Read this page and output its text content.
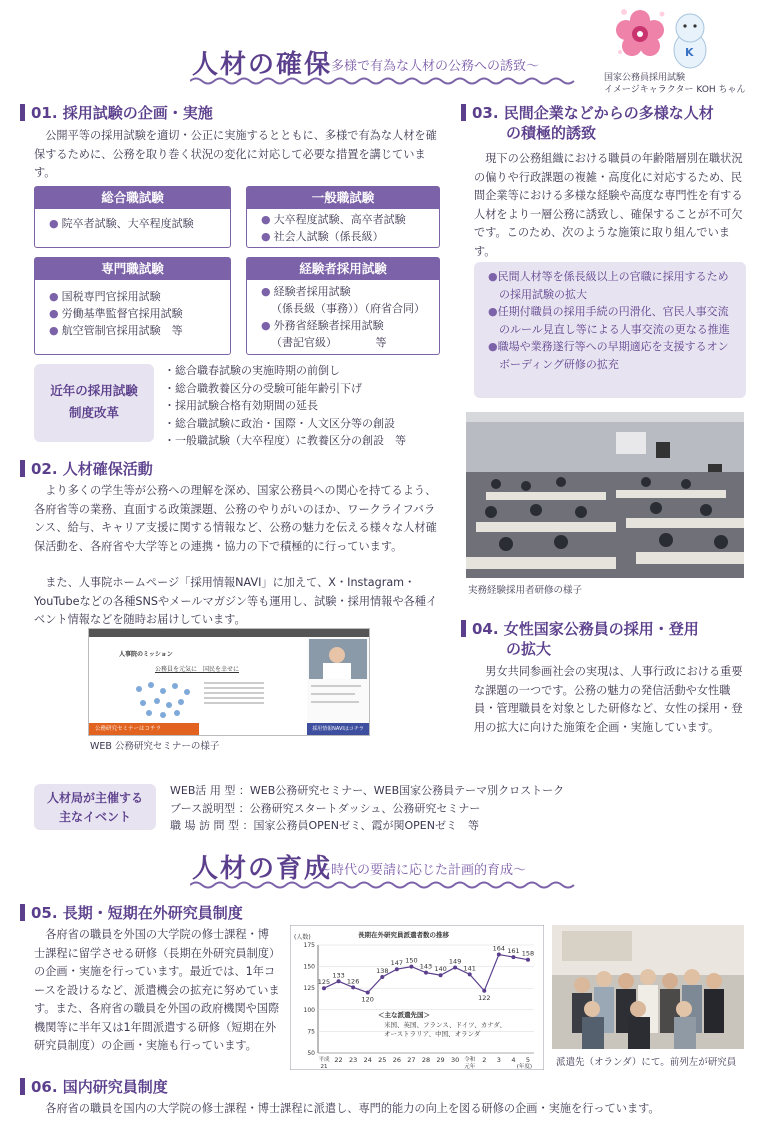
人材の確保
〜多様で有為な人材の公務への誘致〜
K
国家公務員採用試験
イメージキャラクター KOH ちゃん
01. 採用試験の企画・実施

公開平等の採用試験を適切・公正に実施するとともに、多様で有為な人材を確保するために、公務を取り巻く状況の変化に対応して必要な措置を講じています。

総合職試験
● 院卒者試験、大卒程度試験
一般職試験
● 大卒程度試験、高卒者試験
● 社会人試験（係長級）
専門職試験
● 国税専門官採用試験
● 労働基準監督官採用試験
● 航空管制官採用試験　等
経験者採用試験
● 経験者採用試験
（係長級（事務））（府省合同）
● 外務省経験者採用試験
（書記官級）　　　　等
近年の採用試験
制度改革
・総合職春試験の実施時期の前倒し
・総合職教養区分の受験可能年齢引下げ
・採用試験合格有効期間の延長
・総合職試験に政治・国際・人文区分等の創設
・一般職試験（大卒程度）に教養区分の創設　等
02. 人材確保活動

より多くの学生等が公務への理解を深め、国家公務員への関心を持てるよう、各府省等の業務、直面する政策課題、公務のやりがいのほか、ワークライフバランス、給与、キャリア支援に関する情報など、公務の魅力を伝える様々な人材確保活動を、各府省や大学等との連携・協力の下で積極的に行っています。

また、人事院ホームページ「採用情報NAVI」に加えて、X・Instagram・YouTubeなどの各種SNSやメールマガジン等も運用し、試験・採用情報や各種イベント情報などを随時お届けしています。

人事院のミッション
公務員を元気に　国民を幸せに
公務研究セミナーはコチラ	採用情報NAVIはコチラ
WEB 公務研究セミナーの様子
人材局が主催する
主なイベント
WEB活 用 型 ：WEB公務研究セミナー、WEB国家公務員テーマ別クロストーク
ブース説明型 ：公務研究スタートダッシュ、公務研究セミナー
職 場 訪 問 型 ：国家公務員OPENゼミ、霞が関OPENゼミ　等
03. 民間企業などからの多様な人材
の積極的誘致

現下の公務組織における職員の年齢階層別在職状況の偏りや行政課題の複雑・高度化に対応するため、民間企業等における多様な経験や高度な専門性を有する人材をより一層公務に誘致し、確保することが不可欠です。このため、次のような施策に取り組んでいます。

●民間人材等を係長級以上の官職に採用するための採用試験の拡大
●任期付職員の採用手続の円滑化、官民人事交流のルール見直し等による人事交流の更なる推進
●職場や業務遂行等への早期適応を支援するオンボーディング研修の拡充
実務経験採用者研修の様子
04. 女性国家公務員の採用・登用
の拡大

男女共同参画社会の実現は、人事行政における重要な課題の一つです。公務の魅力の発信活動や女性職員・管理職員を対象とした研修など、女性の採用・登用の拡大に向けた施策を企画・実施しています。

人材の育成
〜時代の要請に応じた計画的育成〜
05. 長期・短期在外研究員制度

各府省の職員を外国の大学院の修士課程・博士課程に留学させる研修（長期在外研究員制度）の企画・実施を行っています。最近では、1年コースを設けるなど、派遣機会の拡充に努めています。また、各府省の職員を外国の政府機関や国際機関等に半年又は1年間派遣する研修（短期在外研究員制度）の企画・実施も行っています。

長期在外研究員派遣者数の推移
(人数)
50
75
100
125
150
175
平成
21
22 23 24 25 26 27 28 29 30 令和
元年
2 3 4 5
(年度)
125
133
126
120
138
147 150
143 140
149
141
122
164 161 158
＜主な派遣先国＞
米国、英国、フランス、ドイツ、カナダ、
オーストラリア、中国、オランダ
派遣先（オランダ）にて。前列左が研究員
06. 国内研究員制度

各府省の職員を国内の大学院の修士課程・博士課程に派遣し、専門的能力の向上を図る研修の企画・実施を行っています。
